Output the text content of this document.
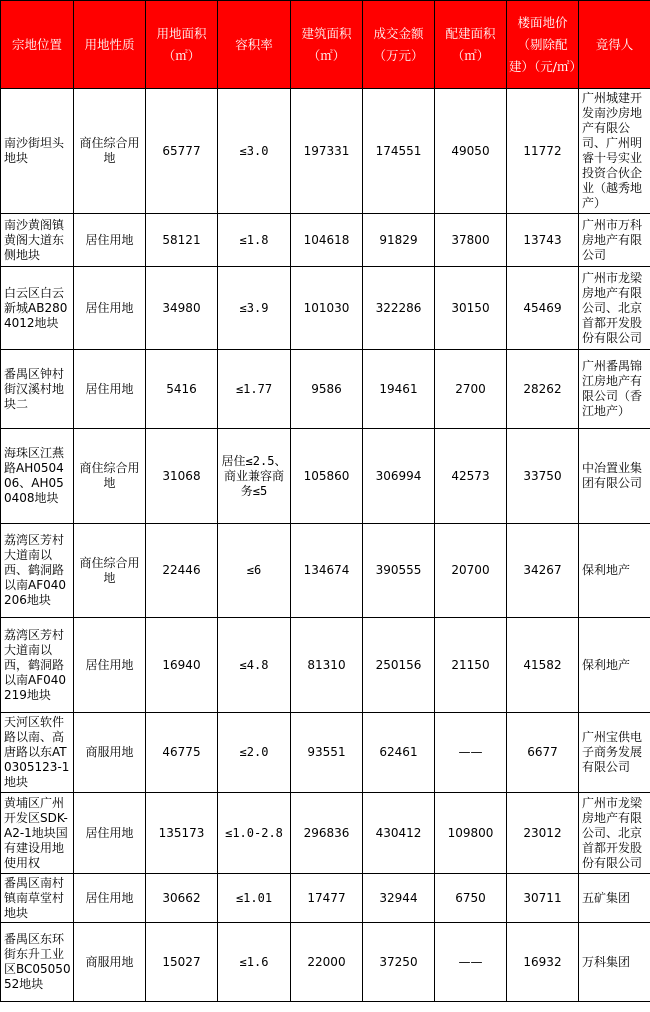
宗地位置	用地性质	用地面积（㎡）	容积率	建筑面积（㎡）	成交金额（万元）	配建面积（㎡）	楼面地价（剔除配建）（元/㎡）	竟得人
南沙街坦头地块	商住综合用地	65777	≤3.0	197331	174551	49050	11772	广州城建开发南沙房地产有限公司、广州明睿十号实业投资合伙企业（越秀地产）
南沙黄阁镇黄阁大道东侧地块	居住用地	58121	≤1.8	104618	91829	37800	13743	广州市万科房地产有限公司
白云区白云新城AB2804012地块	居住用地	34980	≤3.9	101030	322286	30150	45469	广州市龙梁房地产有限公司、北京首都开发股份有限公司
番禺区钟村街汉溪村地块二	居住用地	5416	≤1.77	9586	19461	2700	28262	广州番禺锦江房地产有限公司（香江地产）
海珠区江燕路AH050406、AH050408地块	商住综合用地	31068	居住≤2.5、商业兼容商务≤5	105860	306994	42573	33750	中冶置业集团有限公司
荔湾区芳村大道南以西、鹤洞路以南AF040206地块	商住综合用地	22446	≤6	134674	390555	20700	34267	保利地产
荔湾区芳村大道南以西，鹤洞路以南AF040219地块	居住用地	16940	≤4.8	81310	250156	21150	41582	保利地产
天河区软件路以南、高唐路以东AT0305123-1地块	商服用地	46775	≤2.0	93551	62461	——	6677	广州宝供电子商务发展有限公司
黄埔区广州开发区SDK-A2-1地块国有建设用地使用权	居住用地	135173	≤1.0-2.8	296836	430412	109800	23012	广州市龙梁房地产有限公司、北京首都开发股份有限公司
番禺区南村镇南草堂村地块	居住用地	30662	≤1.01	17477	32944	6750	30711	五矿集团
番禺区东环街东升工业区BC0505052地块	商服用地	15027	≤1.6	22000	37250	——	16932	万科集团
